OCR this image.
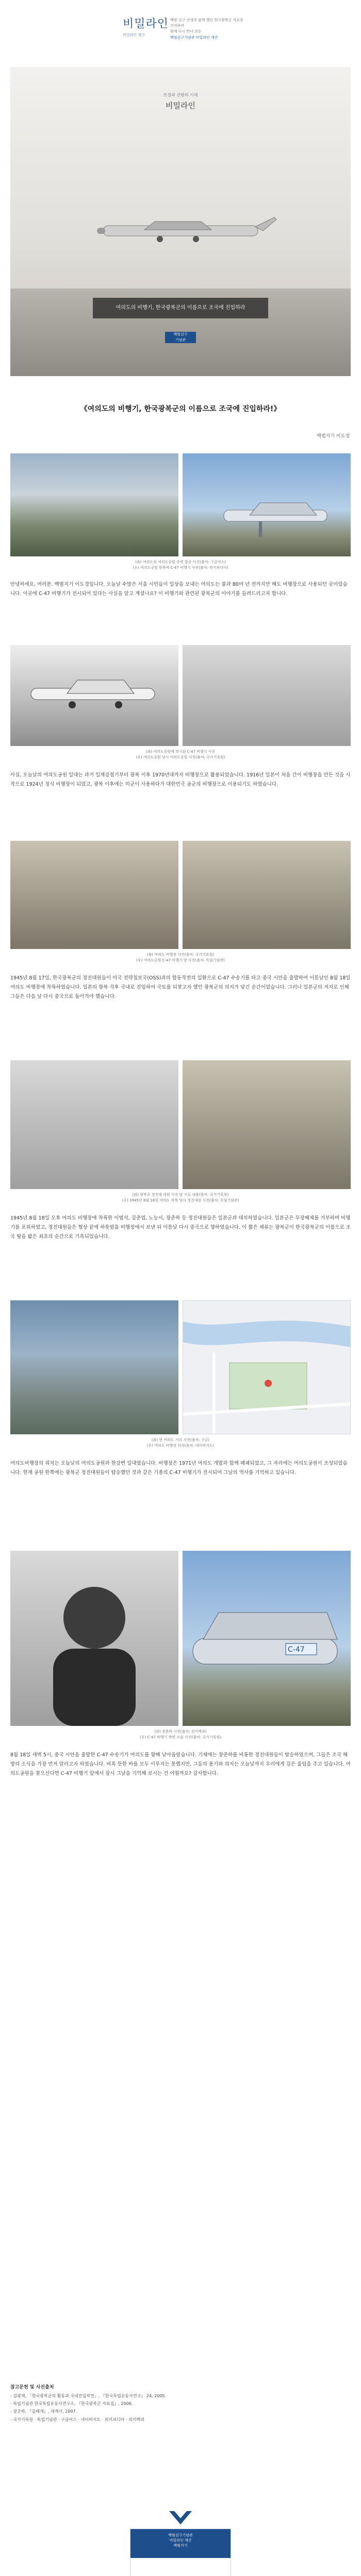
비밀라인
비밀라인 계간
백범 김구 선생과 함께 했던 한국광복군 자료를 간직하여
함께 다시 만나 보는
백범김구기념관 비밀라인 계간
모성과 선량의 시대
비밀라인
여의도의 비행기, 한국광복군의 이름으로 조국에 진입하라
백범김구
기념관
《여의도의 비행기, 한국광복군의 이름으로 조국에 진입하라!》
백범지기 이도경
(좌) 여의도의 여의도공원 주변 항공 사진(출처: 구글어스)
(우) 여의도공원 한쪽에 C-47 비행기 사진(출처: 위키피디아)
안녕하세요, 여러분. 백범지기 이도경입니다. 오늘날 수많은 서울 시민들이 일상을 보내는 여의도는 불과 80여 년 전까지만 해도 비행장으로 사용되던 곳이었습니다. 이곳에 C-47 비행기가 전시되어 있다는 사실을 알고 계셨나요? 이 비행기와 관련된 광복군의 이야기를 들려드리고자 합니다.
(좌) 여의도공원에 전시된 C-47 비행기 사진
(우) 여의도공원 당시 여의도공항 사진(출처: 국가기록원)
사실, 오늘날의 여의도공원 일대는 과거 일제강점기부터 광복 이후 1970년대까지 비행장으로 활용되었습니다. 1916년 일본이 처음 간이 비행장을 만든 것을 시작으로 1924년 정식 비행장이 되었고, 광복 이후에는 미군이 사용하다가 대한민국 공군의 비행장으로 이용되기도 하였습니다.
(좌) 여의도 비행장 사진(출처: 국가기록원)
(우) 여의도공원 C-47 비행기 옆 사진(출처: 독립기념관)
1945년 8월 17일, 한국광복군의 정진대원들이 미국 전략첩보국(OSS)과의 합동작전의 일환으로 C-47 수송기를 타고 중국 시안을 출발하여 이튿날인 8월 18일 여의도 비행장에 착륙하였습니다. 일본의 항복 직후 국내로 진입하여 국토를 되찾고자 했던 광복군의 의지가 담긴 순간이었습니다. 그러나 일본군의 저지로 인해 그들은 다음 날 다시 중국으로 돌아가야 했습니다.
(좌) 광복군 정진대 대원 사진 및 서류 내용(출처: 국가기록원)
(우) 1945년 8월 18일 여의도 착륙 당시 정진대원 사진(출처: 독립기념관)
1945년 8월 18일 오후 여의도 비행장에 착륙한 이범석, 김준엽, 노능서, 장준하 등 정진대원들은 일본군과 대치하였습니다. 일본군은 무장해제를 거부하며 비행기를 포위하였고, 정진대원들은 협상 끝에 하룻밤을 비행장에서 보낸 뒤 이튿날 다시 중국으로 향하였습니다. 이 짧은 체류는 광복군이 한국광복군의 이름으로 조국 땅을 밟은 최초의 순간으로 기록되었습니다.
(좌) 현 여의도 거리 사진(출처: 구글)
(우) 여의도 비행장 위치(출처: 네이버지도)
여의도비행장의 위치는 오늘날의 여의도공원과 한강변 일대였습니다. 비행장은 1971년 여의도 개발과 함께 폐쇄되었고, 그 자리에는 여의도공원이 조성되었습니다. 현재 공원 한쪽에는 광복군 정진대원들이 탑승했던 것과 같은 기종의 C-47 비행기가 전시되어 그날의 역사를 기억하고 있습니다.
C-47
(좌) 장준하 사진(출처: 위키백과)
(우) C-47 비행기 측면 모습 사진(출처: 국가기록원)
8월 18일 새벽 5시, 중국 시안을 출발한 C-47 수송기가 여의도를 향해 날아올랐습니다. 기체에는 장준하를 비롯한 정진대원들이 탑승하였으며, 그들은 조국 해방의 소식을 가장 먼저 알리고자 하였습니다. 비록 뜻한 바를 모두 이루지는 못했지만, 그들의 용기와 의지는 오늘날까지 우리에게 깊은 울림을 주고 있습니다. 여의도공원을 찾으신다면 C-47 비행기 앞에서 잠시 그날을 기억해 보시는 건 어떨까요? 감사합니다.
참고문헌 및 사진출처
- 김광재, 「한국광복군의 활동과 국내진입작전」, 『한국독립운동사연구』 24, 2005.
- 독립기념관 한국독립운동사연구소, 『한국광복군 자료집』, 2006.
- 장준하, 『돌베개』, 세계사, 2007.
- 국가기록원 · 독립기념관 · 구글어스 · 네이버지도 · 위키피디아 · 위키백과
백범김구기념관
비밀라인 계간
백범지기
